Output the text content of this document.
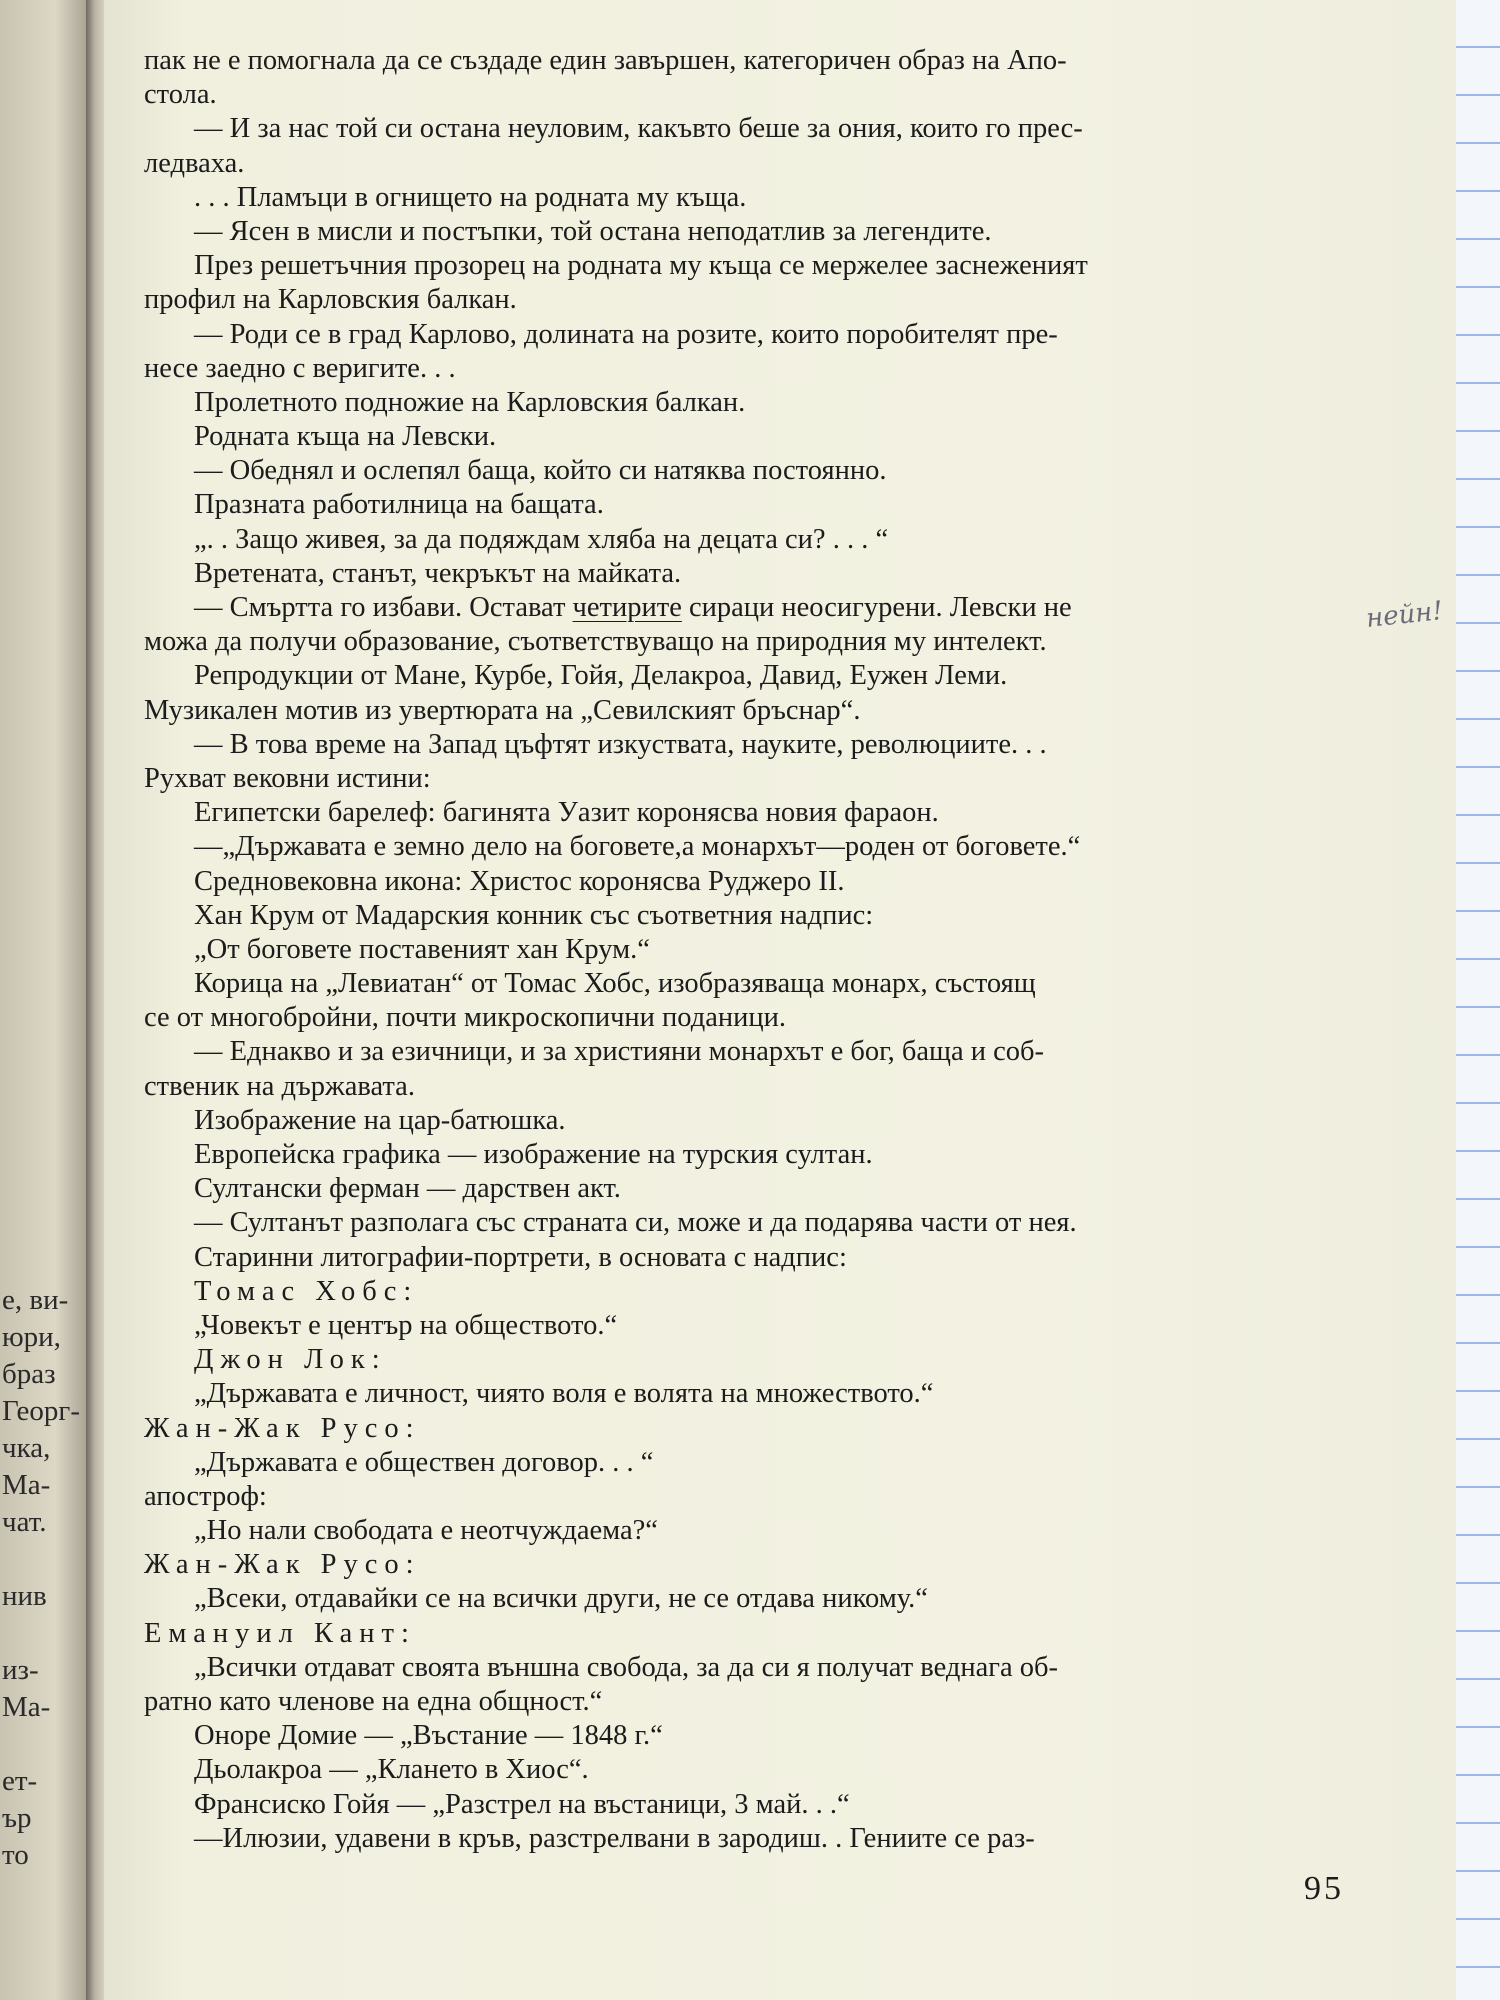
е, ви-
юри,
браз
Георг-
чка,
Ма-
чат.
нив
из-
Ма-
ет-
ър
то
пак не е помогнала да се създаде един завършен, категоричен образ на Апо-
стола.
— И за нас той си остана неуловим, какъвто беше за ония, които го прес-
ледваха.
. . . Пламъци в огнището на родната му къща.
— Ясен в мисли и постъпки, той остана неподатлив за легендите.
През решетъчния прозорец на родната му къща се мержелее заснеженият
профил на Карловския балкан.
— Роди се в град Карлово, долината на розите, които поробителят пре-
несе заедно с веригите. . .
Пролетното подножие на Карловския балкан.
Родната къща на Левски.
— Обеднял и ослепял баща, който си натяква постоянно.
Празната работилница на бащата.
„. . Защо живея, за да подяждам хляба на децата си? . . . “
Вретената, станът, чекръкът на майката.
— Смъртта го избави. Остават четирите сираци неосигурени. Левски не
можа да получи образование, съответствуващо на природния му интелект.
Репродукции от Мане, Курбе, Гойя, Делакроа, Давид, Еужен Леми.
Музикален мотив из увертюрата на „Севилският бръснар“.
— В това време на Запад цъфтят изкуствата, науките, революциите. . .
Рухват вековни истини:
Египетски барелеф: багинята Уазит коронясва новия фараон.
—„Държавата е земно дело на боговете,а монархът—роден от боговете.“
Средновековна икона: Христос коронясва Руджеро II.
Хан Крум от Мадарския конник със съответния надпис:
„От боговете поставеният хан Крум.“
Корица на „Левиатан“ от Томас Хобс, изобразяваща монарх, състоящ
се от многобройни, почти микроскопични поданици.
— Еднакво и за езичници, и за християни монархът е бог, баща и соб-
ственик на държавата.
Изображение на цар-батюшка.
Европейска графика — изображение на турския султан.
Султански ферман — дарствен акт.
— Султанът разполага със страната си, може и да подарява части от нея.
Старинни литографии-портрети, в основата с надпис:
Томас Хобс:
„Човекът е център на обществото.“
Джон Лок:
„Държавата е личност, чиято воля е волята на множеството.“
Жан-Жак Русо:
„Държавата е обществен договор. . . “
апостроф:
„Но нали свободата е неотчуждаема?“
Жан-Жак Русо:
„Всеки, отдавайки се на всички други, не се отдава никому.“
Емануил Кант:
„Всички отдават своята външна свобода, за да си я получат веднага об-
ратно като членове на една общност.“
Оноре Домие — „Въстание — 1848 г.“
Дьолакроа — „Клането в Хиос“.
Франсиско Гойя — „Разстрел на въстаници, 3 май. . .“
—Илюзии, удавени в кръв, разстрелвани в зародиш. . Гениите се раз-
95
нейн!
